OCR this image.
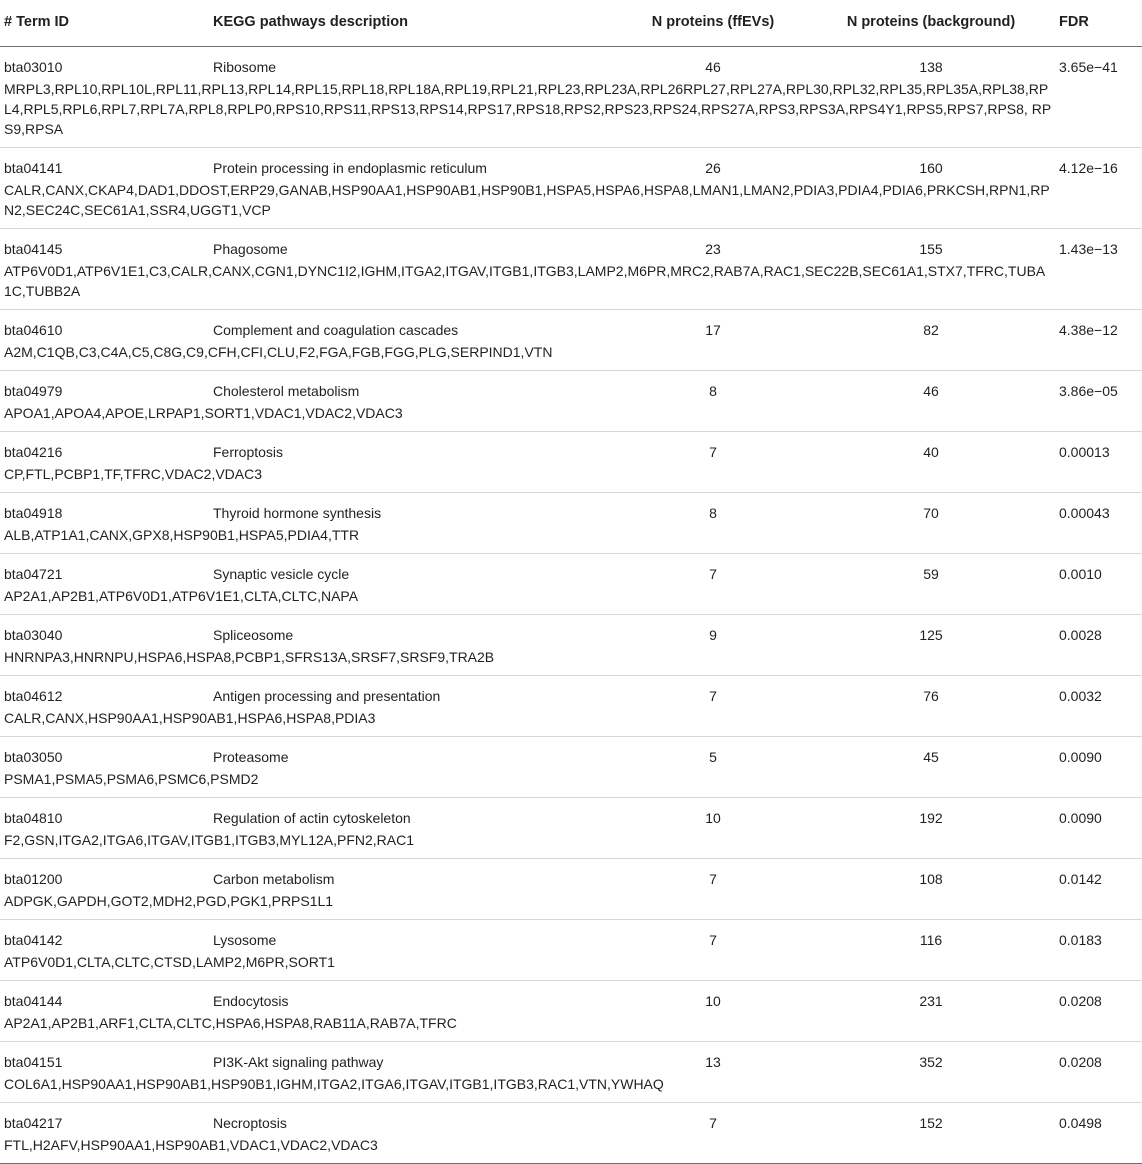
# Term ID	KEGG pathways description	N proteins (ffEVs)	N proteins (background)	FDR
bta03010	Ribosome	46	138	3.65e−41
MRPL3,RPL10,RPL10L,RPL11,RPL13,RPL14,RPL15,RPL18,RPL18A,RPL19,RPL21,RPL23,RPL23A,RPL26RPL27,RPL27A,RPL30,RPL32,RPL35,RPL35A,RPL38,RPL4,RPL5,RPL6,RPL7,RPL7A,RPL8,RPLP0,RPS10,RPS11,RPS13,RPS14,RPS17,RPS18,RPS2,RPS23,RPS24,RPS27A,RPS3,RPS3A,RPS4Y1,RPS5,RPS7,RPS8, RPS9,RPSA
bta04141	Protein processing in endoplasmic reticulum	26	160	4.12e−16
CALR,CANX,CKAP4,DAD1,DDOST,ERP29,GANAB,HSP90AA1,HSP90AB1,HSP90B1,HSPA5,HSPA6,HSPA8,LMAN1,LMAN2,PDIA3,PDIA4,PDIA6,PRKCSH,RPN1,RPN2,SEC24C,SEC61A1,SSR4,UGGT1,VCP
bta04145	Phagosome	23	155	1.43e−13
ATP6V0D1,ATP6V1E1,C3,CALR,CANX,CGN1,DYNC1I2,IGHM,ITGA2,ITGAV,ITGB1,ITGB3,LAMP2,M6PR,MRC2,RAB7A,RAC1,SEC22B,SEC61A1,STX7,TFRC,TUBA1C,TUBB2A
bta04610	Complement and coagulation cascades	17	82	4.38e−12
A2M,C1QB,C3,C4A,C5,C8G,C9,CFH,CFI,CLU,F2,FGA,FGB,FGG,PLG,SERPIND1,VTN
bta04979	Cholesterol metabolism	8	46	3.86e−05
APOA1,APOA4,APOE,LRPAP1,SORT1,VDAC1,VDAC2,VDAC3
bta04216	Ferroptosis	7	40	0.00013
CP,FTL,PCBP1,TF,TFRC,VDAC2,VDAC3
bta04918	Thyroid hormone synthesis	8	70	0.00043
ALB,ATP1A1,CANX,GPX8,HSP90B1,HSPA5,PDIA4,TTR
bta04721	Synaptic vesicle cycle	7	59	0.0010
AP2A1,AP2B1,ATP6V0D1,ATP6V1E1,CLTA,CLTC,NAPA
bta03040	Spliceosome	9	125	0.0028
HNRNPA3,HNRNPU,HSPA6,HSPA8,PCBP1,SFRS13A,SRSF7,SRSF9,TRA2B
bta04612	Antigen processing and presentation	7	76	0.0032
CALR,CANX,HSP90AA1,HSP90AB1,HSPA6,HSPA8,PDIA3
bta03050	Proteasome	5	45	0.0090
PSMA1,PSMA5,PSMA6,PSMC6,PSMD2
bta04810	Regulation of actin cytoskeleton	10	192	0.0090
F2,GSN,ITGA2,ITGA6,ITGAV,ITGB1,ITGB3,MYL12A,PFN2,RAC1
bta01200	Carbon metabolism	7	108	0.0142
ADPGK,GAPDH,GOT2,MDH2,PGD,PGK1,PRPS1L1
bta04142	Lysosome	7	116	0.0183
ATP6V0D1,CLTA,CLTC,CTSD,LAMP2,M6PR,SORT1
bta04144	Endocytosis	10	231	0.0208
AP2A1,AP2B1,ARF1,CLTA,CLTC,HSPA6,HSPA8,RAB11A,RAB7A,TFRC
bta04151	PI3K-Akt signaling pathway	13	352	0.0208
COL6A1,HSP90AA1,HSP90AB1,HSP90B1,IGHM,ITGA2,ITGA6,ITGAV,ITGB1,ITGB3,RAC1,VTN,YWHAQ
bta04217	Necroptosis	7	152	0.0498
FTL,H2AFV,HSP90AA1,HSP90AB1,VDAC1,VDAC2,VDAC3
